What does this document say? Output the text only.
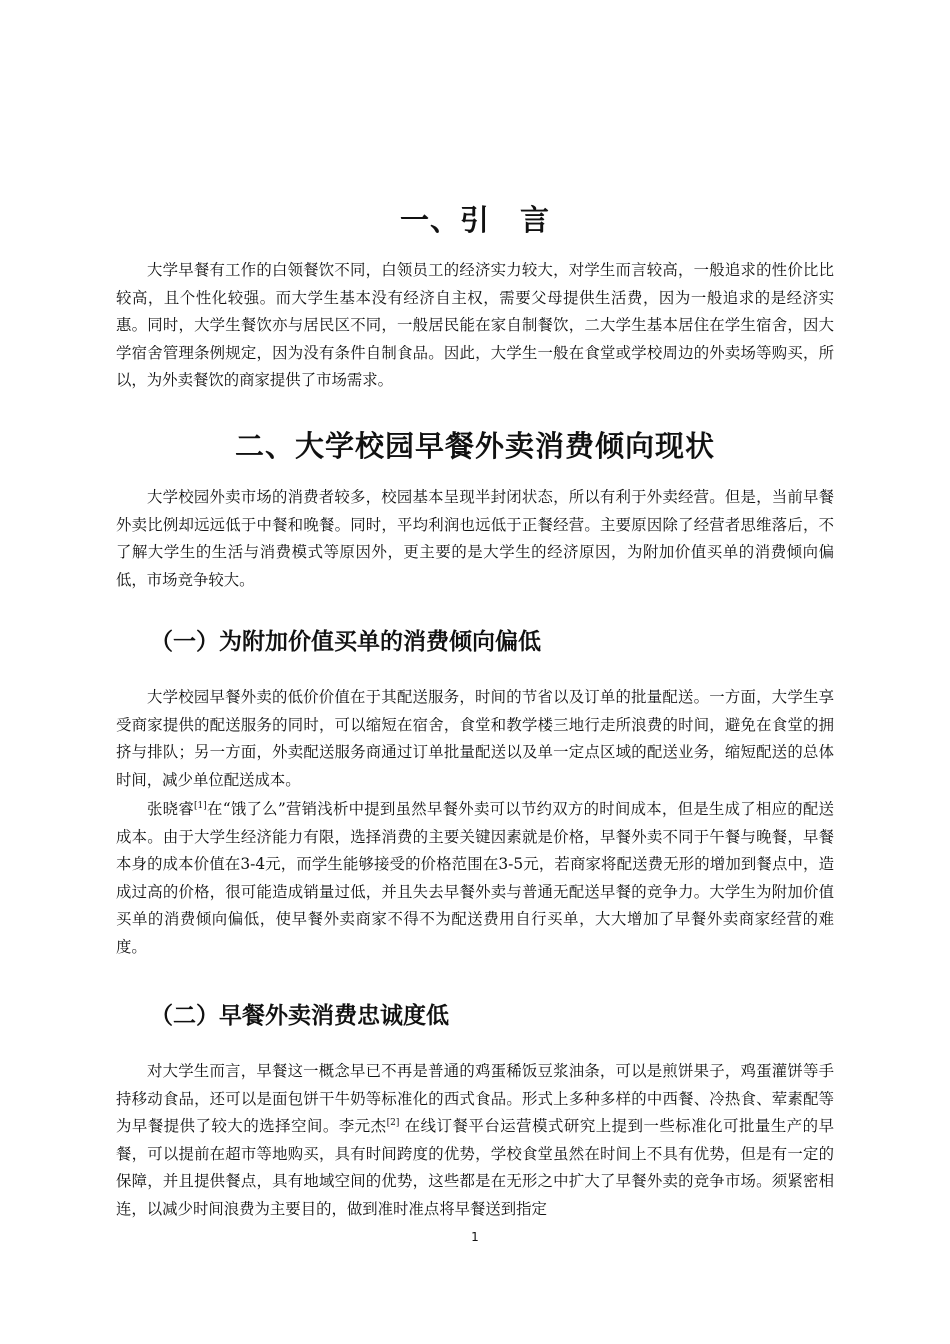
一、引　言

大学早餐有工作的白领餐饮不同，白领员工的经济实力较大，对学生而言较高，一般追求的性价比比较高，且个性化较强。而大学生基本没有经济自主权，需要父母提供生活费，因为一般追求的是经济实惠。同时，大学生餐饮亦与居民区不同，一般居民能在家自制餐饮，二大学生基本居住在学生宿舍，因大学宿舍管理条例规定，因为没有条件自制食品。因此，大学生一般在食堂或学校周边的外卖场等购买，所以，为外卖餐饮的商家提供了市场需求。

二、大学校园早餐外卖消费倾向现状

大学校园外卖市场的消费者较多，校园基本呈现半封闭状态，所以有利于外卖经营。但是，当前早餐外卖比例却远远低于中餐和晚餐。同时，平均利润也远低于正餐经营。主要原因除了经营者思维落后，不了解大学生的生活与消费模式等原因外，更主要的是大学生的经济原因，为附加价值买单的消费倾向偏低，市场竞争较大。

（一）为附加价值买单的消费倾向偏低

大学校园早餐外卖的低价价值在于其配送服务，时间的节省以及订单的批量配送。一方面，大学生享受商家提供的配送服务的同时，可以缩短在宿舍，食堂和教学楼三地行走所浪费的时间，避免在食堂的拥挤与排队；另一方面，外卖配送服务商通过订单批量配送以及单一定点区域的配送业务，缩短配送的总体时间，减少单位配送成本。

张晓睿[1]在“饿了么”营销浅析中提到虽然早餐外卖可以节约双方的时间成本，但是生成了相应的配送成本。由于大学生经济能力有限，选择消费的主要关键因素就是价格，早餐外卖不同于午餐与晚餐，早餐本身的成本价值在3-4元，而学生能够接受的价格范围在3-5元，若商家将配送费无形的增加到餐点中，造成过高的价格，很可能造成销量过低，并且失去早餐外卖与普通无配送早餐的竞争力。大学生为附加价值买单的消费倾向偏低，使早餐外卖商家不得不为配送费用自行买单，大大增加了早餐外卖商家经营的难度。

（二）早餐外卖消费忠诚度低

对大学生而言，早餐这一概念早已不再是普通的鸡蛋稀饭豆浆油条，可以是煎饼果子，鸡蛋灌饼等手持移动食品，还可以是面包饼干牛奶等标准化的西式食品。形式上多种多样的中西餐、冷热食、荤素配等为早餐提供了较大的选择空间。李元杰[2] 在线订餐平台运营模式研究上提到一些标准化可批量生产的早餐，可以提前在超市等地购买，具有时间跨度的优势，学校食堂虽然在时间上不具有优势，但是有一定的保障，并且提供餐点，具有地域空间的优势，这些都是在无形之中扩大了早餐外卖的竞争市场。须紧密相连，以减少时间浪费为主要目的，做到准时准点将早餐送到指定

1
